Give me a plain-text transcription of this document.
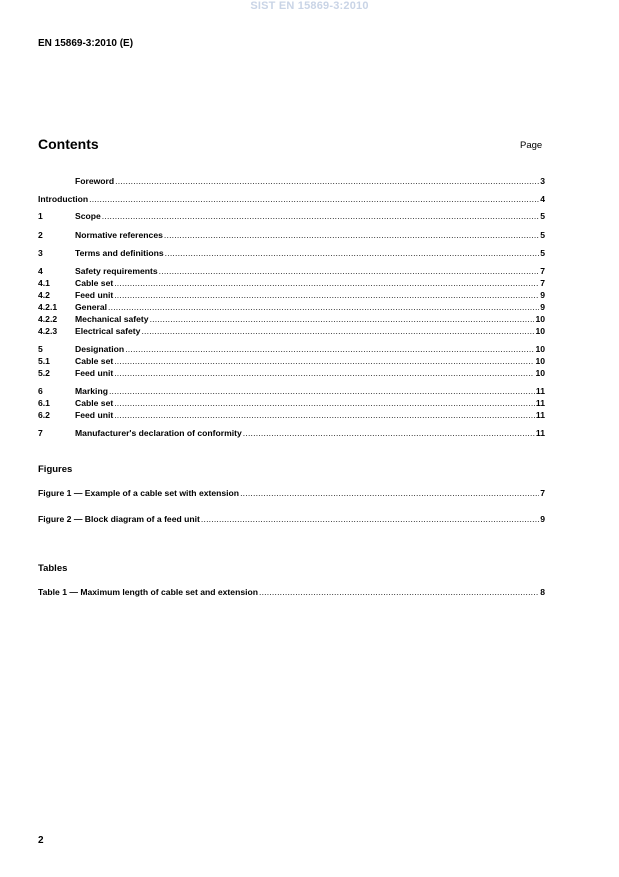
SIST EN 15869-3:2010
EN 15869-3:2010 (E)
Contents	Page
Foreword .....	3
Introduction .....	4
1	Scope .....	5
2	Normative references .....	5
3	Terms and definitions .....	5
4	Safety requirements .....	7
4.1	Cable set .....	7
4.2	Feed unit .....	9
4.2.1	General .....	9
4.2.2	Mechanical safety .....	10
4.2.3	Electrical safety .....	10
5	Designation .....	10
5.1	Cable set .....	10
5.2	Feed unit .....	10
6	Marking .....	11
6.1	Cable set .....	11
6.2	Feed unit .....	11
7	Manufacturer's declaration of conformity .....	11
Figure 1 — Example of a cable set with extension .....	7
Figure 2 — Block diagram of a feed unit .....	9
Table 1 — Maximum length of cable set and extension .....	8
Figures
Tables
2
